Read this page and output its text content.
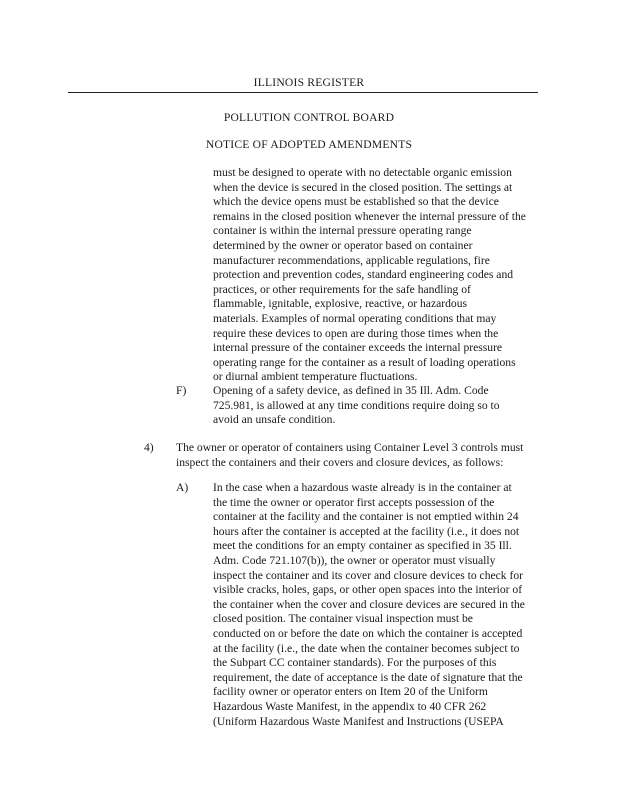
ILLINOIS REGISTER
POLLUTION CONTROL BOARD
NOTICE OF ADOPTED AMENDMENTS
must be designed to operate with no detectable organic emission
when the device is secured in the closed position. The settings at
which the device opens must be established so that the device
remains in the closed position whenever the internal pressure of the
container is within the internal pressure operating range
determined by the owner or operator based on container
manufacturer recommendations, applicable regulations, fire
protection and prevention codes, standard engineering codes and
practices, or other requirements for the safe handling of
flammable, ignitable, explosive, reactive, or hazardous
materials. Examples of normal operating conditions that may
require these devices to open are during those times when the
internal pressure of the container exceeds the internal pressure
operating range for the container as a result of loading operations
or diurnal ambient temperature fluctuations.
F) Opening of a safety device, as defined in 35 Ill. Adm. Code
725.981, is allowed at any time conditions require doing so to
avoid an unsafe condition.
4) The owner or operator of containers using Container Level 3 controls must
inspect the containers and their covers and closure devices, as follows:
A) In the case when a hazardous waste already is in the container at
the time the owner or operator first accepts possession of the
container at the facility and the container is not emptied within 24
hours after the container is accepted at the facility (i.e., it does not
meet the conditions for an empty container as specified in 35 Ill.
Adm. Code 721.107(b)), the owner or operator must visually
inspect the container and its cover and closure devices to check for
visible cracks, holes, gaps, or other open spaces into the interior of
the container when the cover and closure devices are secured in the
closed position. The container visual inspection must be
conducted on or before the date on which the container is accepted
at the facility (i.e., the date when the container becomes subject to
the Subpart CC container standards). For the purposes of this
requirement, the date of acceptance is the date of signature that the
facility owner or operator enters on Item 20 of the Uniform
Hazardous Waste Manifest, in the appendix to 40 CFR 262
(Uniform Hazardous Waste Manifest and Instructions (USEPA
